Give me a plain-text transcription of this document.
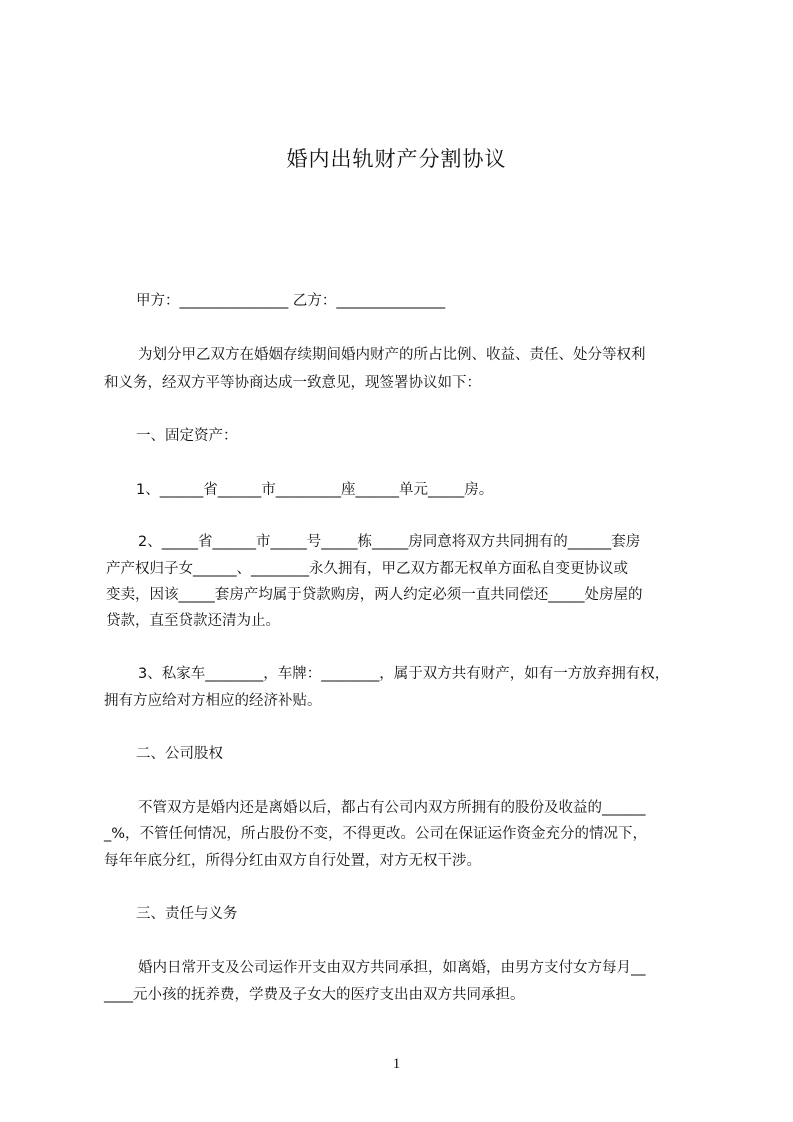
婚内出轨财产分割协议
甲方：_______________ 乙方：_______________
为划分甲乙双方在婚姻存续期间婚内财产的所占比例、收益、责任、处分等权利
和义务，经双方平等协商达成一致意见，现签署协议如下：
一、固定资产：
1、______省______市_________座______单元_____房。
2、_____省______市_____号_____栋_____房同意将双方共同拥有的______套房
产产权归子女______、________永久拥有，甲乙双方都无权单方面私自变更协议或
变卖，因该_____套房产均属于贷款购房，两人约定必须一直共同偿还_____处房屋的
贷款，直至贷款还清为止。
3、私家车________，车牌：________，属于双方共有财产，如有一方放弃拥有权，
拥有方应给对方相应的经济补贴。
二、公司股权
不管双方是婚内还是离婚以后，都占有公司内双方所拥有的股份及收益的______
_%，不管任何情况，所占股份不变，不得更改。公司在保证运作资金充分的情况下，
每年年底分红，所得分红由双方自行处置，对方无权干涉。
三、责任与义务
婚内日常开支及公司运作开支由双方共同承担，如离婚，由男方支付女方每月__
____元小孩的抚养费，学费及子女大的医疗支出由双方共同承担。
1
